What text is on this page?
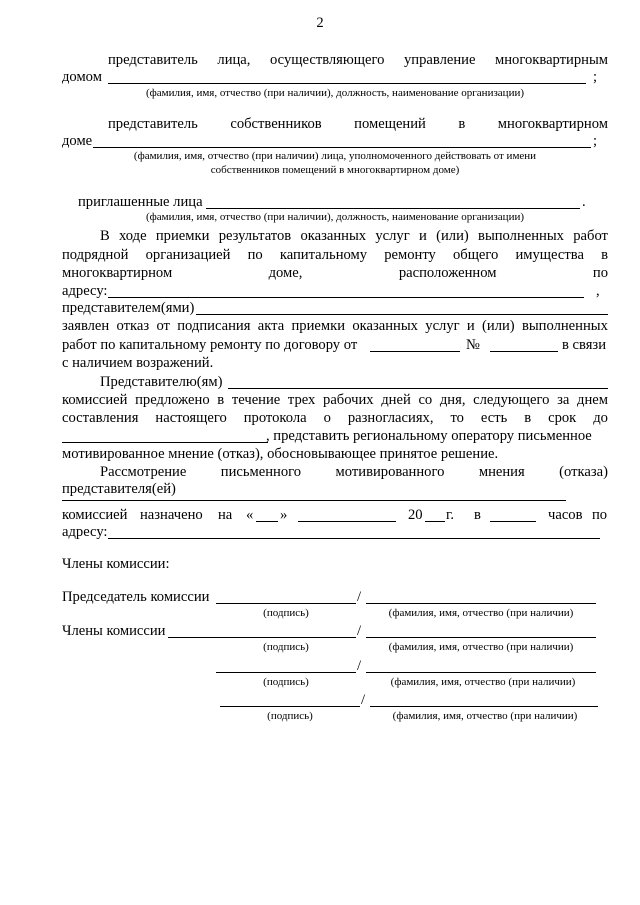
2
представитель лица, осуществляющего управление многоквартирным
домом	;
(фамилия, имя, отчество (при наличии), должность, наименование организации)
представитель собственников помещений в многоквартирном
доме	;
(фамилия, имя, отчество (при наличии) лица, уполномоченного действовать от имени
собственников помещений в многоквартирном доме)
приглашенные лица	.
(фамилия, имя, отчество (при наличии), должность, наименование организации)
В ходе приемки результатов оказанных услуг и (или) выполненных работ
подрядной организацией по капитальному ремонту общего имущества в
многоквартирном	доме,	расположенном	по
адресу:	,
представителем(ями)
заявлен отказ от подписания акта приемки оказанных услуг и (или) выполненных
работ по капитальному ремонту по договору от	№	в связи
с наличием возражений.
Представителю(ям)
комиссией предложено в течение трех рабочих дней со дня, следующего за днем
составления настоящего протокола о разногласиях, то есть в срок до
, представить региональному оператору письменное
мотивированное мнение (отказ), обосновывающее принятое решение.
Рассмотрение письменного мотивированного мнения (отказа)
представителя(ей)
комиссией назначено на « »	20 г. в	часов по
адресу:
Члены комиссии:
Председатель комиссии	/
(подпись)	(фамилия, имя, отчество (при наличии)
Члены комиссии	/
(подпись)	(фамилия, имя, отчество (при наличии)
/
(подпись)	(фамилия, имя, отчество (при наличии)
/
(подпись)	(фамилия, имя, отчество (при наличии)
